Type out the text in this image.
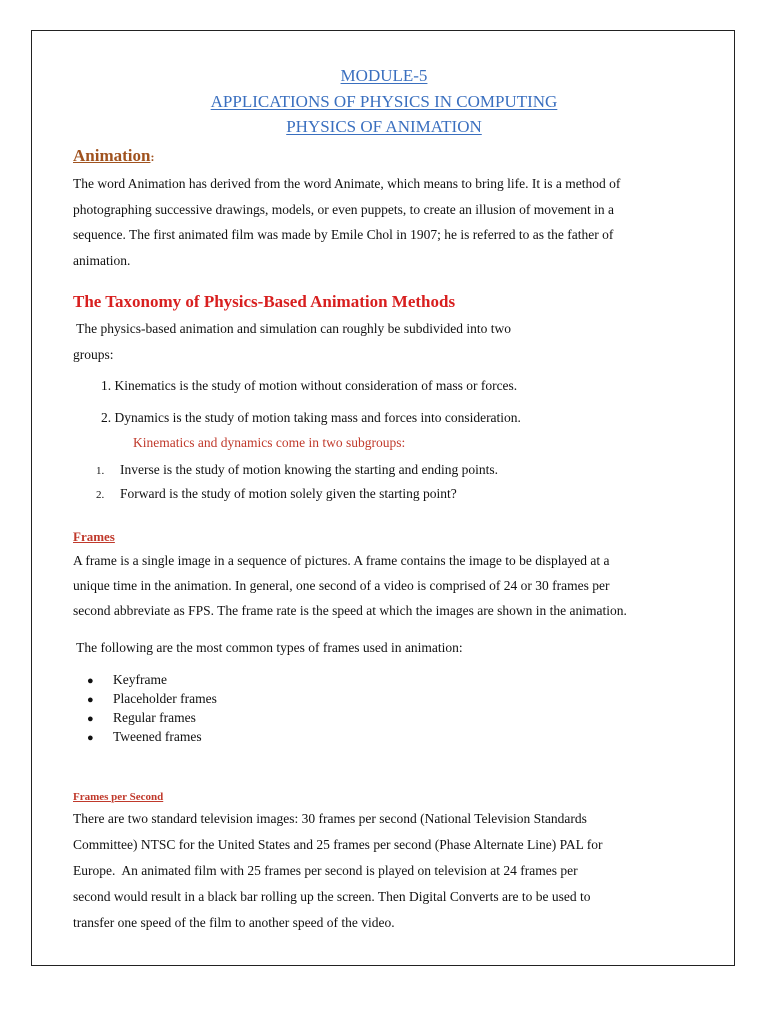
MODULE-5
APPLICATIONS OF PHYSICS IN COMPUTING
PHYSICS OF ANIMATION
Animation:
The word Animation has derived from the word Animate, which means to bring life. It is a method of
photographing successive drawings, models, or even puppets, to create an illusion of movement in a
sequence. The first animated film was made by Emile Chol in 1907; he is referred to as the father of
animation.
The Taxonomy of Physics-Based Animation Methods
The physics-based animation and simulation can roughly be subdivided into two
groups:
1. Kinematics is the study of motion without consideration of mass or forces.
2. Dynamics is the study of motion taking mass and forces into consideration.
Kinematics and dynamics come in two subgroups:
1. Inverse is the study of motion knowing the starting and ending points.
2. Forward is the study of motion solely given the starting point?
Frames
A frame is a single image in a sequence of pictures. A frame contains the image to be displayed at a
unique time in the animation. In general, one second of a video is comprised of 24 or 30 frames per
second abbreviate as FPS. The frame rate is the speed at which the images are shown in the animation.
The following are the most common types of frames used in animation:
● Keyframe
● Placeholder frames
● Regular frames
● Tweened frames
Frames per Second
There are two standard television images: 30 frames per second (National Television Standards
Committee) NTSC for the United States and 25 frames per second (Phase Alternate Line) PAL for
Europe.  An animated film with 25 frames per second is played on television at 24 frames per
second would result in a black bar rolling up the screen. Then Digital Converts are to be used to
transfer one speed of the film to another speed of the video.
